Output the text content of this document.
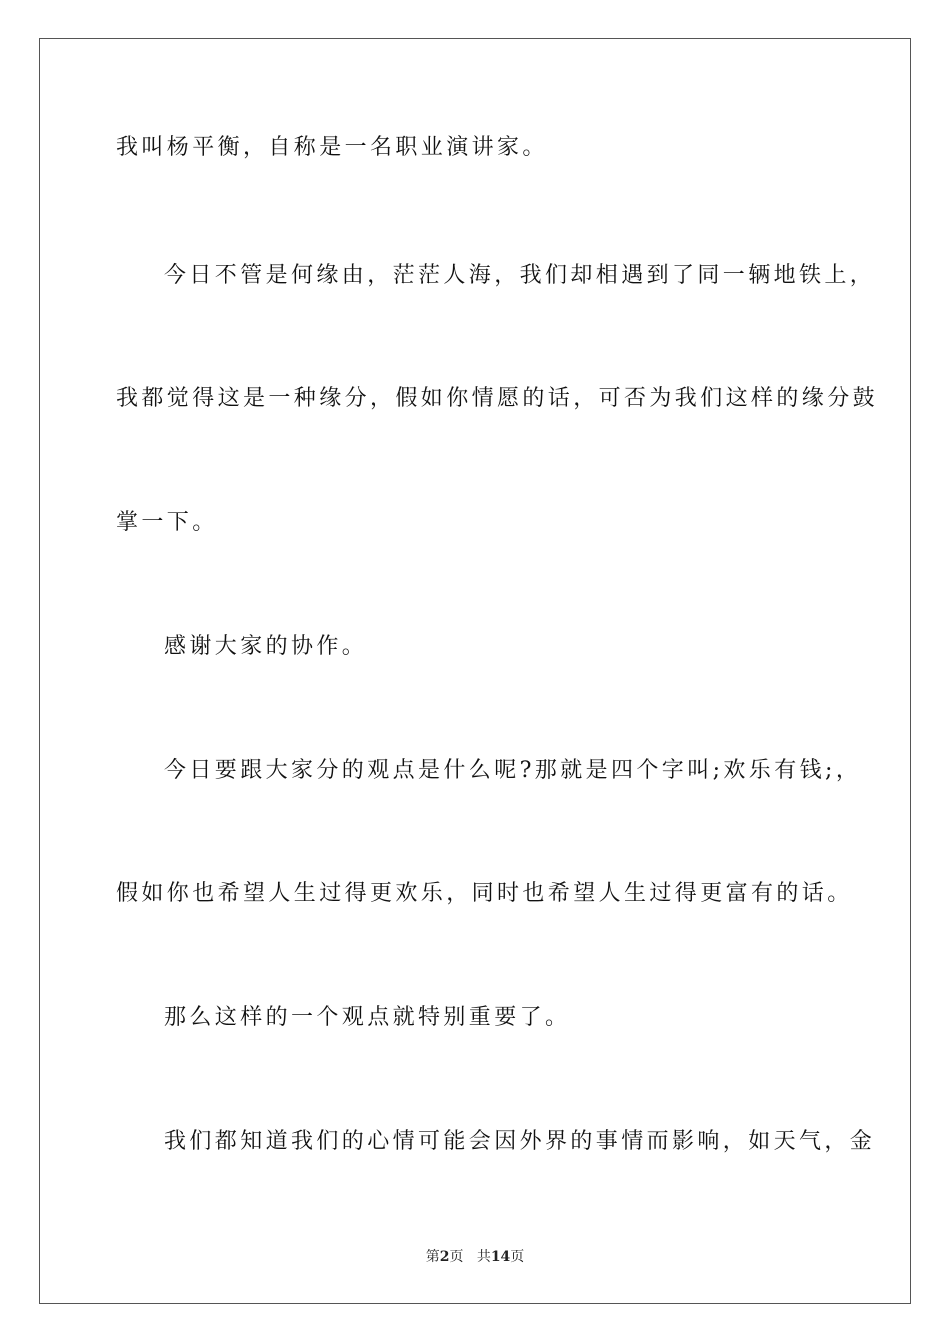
我叫杨平衡，自称是一名职业演讲家。
今日不管是何缘由，茫茫人海，我们却相遇到了同一辆地铁上，
我都觉得这是一种缘分，假如你情愿的话，可否为我们这样的缘分鼓
掌一下。
感谢大家的协作。
今日要跟大家分的观点是什么呢?那就是四个字叫;欢乐有钱;，
假如你也希望人生过得更欢乐，同时也希望人生过得更富有的话。
那么这样的一个观点就特别重要了。
我们都知道我们的心情可能会因外界的事情而影响，如天气，金
第2页 共14页
